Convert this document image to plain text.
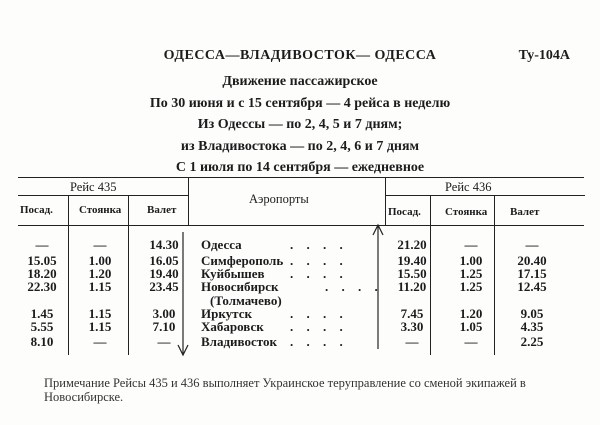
ОДЕССА—ВЛАДИВОСТОК— ОДЕССА	Ту-104А
Движение пассажирское
По 30 июня и с 15 сентября — 4 рейса в неделю
Из Одессы — по 2, 4, 5 и 7 дням;
из Владивостока — по 2, 4, 6 и 7 дням
С 1 июля по 14 сентября — ежедневное
Рейс 435	Рейс 436
Аэропорты
Посад. Стоянка Валет	Посад. Стоянка Валет
—	—	14.30	Одесса	. . . .	21.20	—	—
15.05	1.00	16.05	Симферополь . . . .	19.40	1.00	20.40
18.20	1.20	19.40	Куйбышев . . . .	15.50	1.25	17.15
22.30	1.15	23.45	Новосибирск	. . . .	11.20	1.25	12.45
(Толмачево)
1.45	1.15	3.00	Иркутск	. . . .	7.45	1.20	9.05
5.55	1.15	7.10	Хабаровск . . . .	3.30	1.05	4.35
8.10	—	—	Владивосток . . . .	—	—	2.25
Примечание Рейсы 435 и 436 выполняет Украинское теруправление со сменой экипажей в Новосибирске.
